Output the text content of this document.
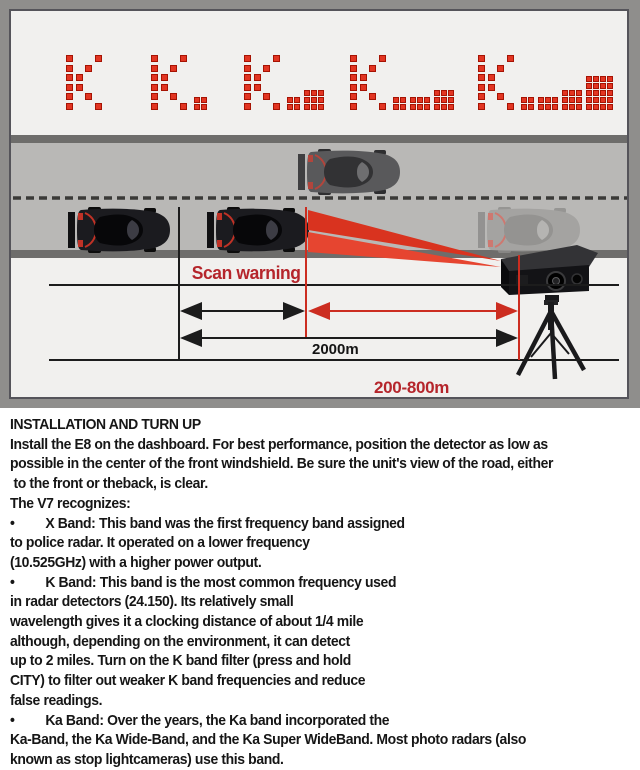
Scan warning
2000m
200-800m
INSTALLATION AND TURN UP
Install the E8 on the dashboard. For best performance, position the detector as low as
possible in the center of the front windshield. Be sure the unit's view of the road, either
to the front or theback, is clear.
The V7 recognizes:
• X Band: This band was the first frequency band assigned
to police radar. It operated on a lower frequency
(10.525GHz) with a higher power output.
• K Band: This band is the most common frequency used
in radar detectors (24.150). Its relatively small
wavelength gives it a clocking distance of about 1/4 mile
although, depending on the environment, it can detect
up to 2 miles. Turn on the K band filter (press and hold
CITY) to filter out weaker K band frequencies and reduce
false readings.
• Ka Band: Over the years, the Ka band incorporated the
Ka-Band, the Ka Wide-Band, and the Ka Super WideBand. Most photo radars (also
known as stop lightcameras) use this band.
